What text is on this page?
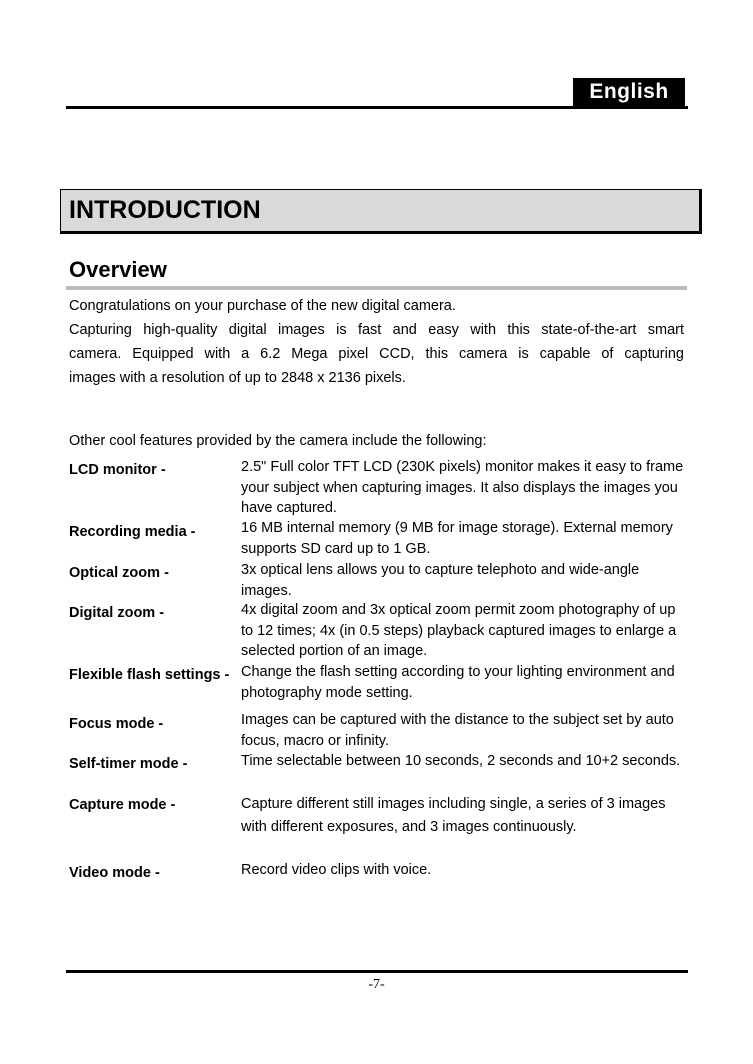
English
INTRODUCTION
Overview
Congratulations on your purchase of the new digital camera.
Capturing high-quality digital images is fast and easy with this state-of-the-art smart
camera. Equipped with a 6.2 Mega pixel CCD, this camera is capable of capturing
images with a resolution of up to 2848 x 2136 pixels.
Other cool features provided by the camera include the following:
LCD monitor -	2.5" Full color TFT LCD (230K pixels) monitor makes it easy to frame your subject when capturing images. It also displays the images you have captured.
Recording media -	16 MB internal memory (9 MB for image storage). External memory supports SD card up to 1 GB.
Optical zoom -	3x optical lens allows you to capture telephoto and wide-angle images.
Digital zoom -	4x digital zoom and 3x optical zoom permit zoom photography of up to 12 times; 4x (in 0.5 steps) playback captured images to enlarge a selected portion of an image.
Flexible flash settings - Change the flash setting according to your lighting environment and photography mode setting.
Focus mode -	Images can be captured with the distance to the subject set by auto focus, macro or infinity.
Self-timer mode -	Time selectable between 10 seconds, 2 seconds and 10+2 seconds.
Capture mode -	Capture different still images including single, a series of 3 images with different exposures, and 3 images continuously.
Video mode -	Record video clips with voice.
-7-
